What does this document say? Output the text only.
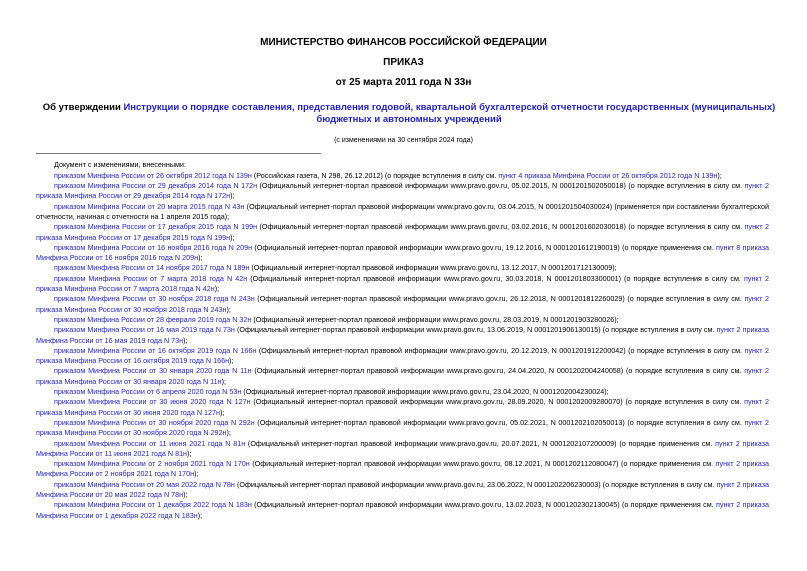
МИНИСТЕРСТВО ФИНАНСОВ РОССИЙСКОЙ ФЕДЕРАЦИИ
ПРИКАЗ
от 25 марта 2011 года N 33н
Об утверждении Инструкции о порядке составления, представления годовой, квартальной бухгалтерской отчетности государственных (муниципальных) бюджетных и автономных учреждений
(с изменениями на 30 сентября 2024 года)

Документ с изменениями, внесенными:

приказом Минфина России от 26 октября 2012 года N 139н (Российская газета, N 298, 26.12.2012) (о порядке вступления в силу см. пункт 4 приказа Минфина России от 26 октября 2012 года N 139н);

приказом Минфина России от 29 декабря 2014 года N 172н (Официальный интернет-портал правовой информации www.pravo.gov.ru, 05.02.2015, N 0001201502050018) (о порядке вступления в силу см. пункт 2 приказа Минфина России от 29 декабря 2014 года N 172н);

приказом Минфина России от 20 марта 2015 года N 43н (Официальный интернет-портал правовой информации www.pravo.gov.ru, 03.04.2015, N 0001201504030024) (применяется при составлении бухгалтерской отчетности, начиная с отчетности на 1 апреля 2015 года);

приказом Минфина России от 17 декабря 2015 года N 199н (Официальный интернет-портал правовой информации www.pravo.gov.ru, 03.02.2016, N 0001201602030018) (о порядке вступления в силу см. пункт 2 приказа Минфина России от 17 декабря 2015 года N 199н);

приказом Минфина России от 16 ноября 2016 года N 209н (Официальный интернет-портал правовой информации www.pravo.gov.ru, 19.12.2016, N 0001201612190019) (о порядке применения см. пункт 8 приказа Минфина России от 16 ноября 2016 года N 209н);

приказом Минфина России от 14 ноября 2017 года N 189н (Официальный интернет-портал правовой информации www.pravo.gov.ru, 13.12.2017, N 0001201712130009);

приказом Минфина России от 7 марта 2018 года N 42н (Официальный интернет-портал правовой информации www.pravo.gov.ru, 30.03.2018, N 0001201803300001) (о порядке вступления в силу см. пункт 2 приказа Минфина России от 7 марта 2018 года N 42н);

приказом Минфина России от 30 ноября 2018 года N 243н (Официальный интернет-портал правовой информации www.pravo.gov.ru, 26.12.2018, N 0001201812260029) (о порядке вступления в силу см. пункт 2 приказа Минфина России от 30 ноября 2018 года N 243н);

приказом Минфина России от 28 февраля 2019 года N 32н (Официальный интернет-портал правовой информации www.pravo.gov.ru, 28.03.2019, N 0001201903280026);

приказом Минфина России от 16 мая 2019 года N 73н (Официальный интернет-портал правовой информации www.pravo.gov.ru, 13.06.2019, N 0001201906130015) (о порядке вступления в силу см. пункт 2 приказа Минфина России от 16 мая 2019 года N 73н);

приказом Минфина России от 16 октября 2019 года N 166н (Официальный интернет-портал правовой информации www.pravo.gov.ru, 20.12.2019, N 0001201912200042) (о порядке вступления в силу см. пункт 2 приказа Минфина России от 16 октября 2019 года N 166н);

приказом Минфина России от 30 января 2020 года N 11н (Официальный интернет-портал правовой информации www.pravo.gov.ru, 24.04.2020, N 0001202004240058) (о порядке вступления в силу см. пункт 2 приказа Минфина России от 30 января 2020 года N 11н);

приказом Минфина России от 6 апреля 2020 года N 53н (Официальный интернет-портал правовой информации www.pravo.gov.ru, 23.04.2020, N 0001202004230024);

приказом Минфина России от 30 июня 2020 года N 127н (Официальный интернет-портал правовой информации www.pravo.gov.ru, 28.09.2020, N 0001202009280070) (о порядке вступления в силу см. пункт 2 приказа Минфина России от 30 июня 2020 года N 127н);

приказом Минфина России от 30 ноября 2020 года N 292н (Официальный интернет-портал правовой информации www.pravo.gov.ru, 05.02.2021, N 0001202102050013) (о порядке вступления в силу см. пункт 2 приказа Минфина России от 30 ноября 2020 года N 292н);

приказом Минфина России от 11 июня 2021 года N 81н (Официальный интернет-портал правовой информации www.pravo.gov.ru, 20.07.2021, N 0001202107200009) (о порядке применения см. пункт 2 приказа Минфина России от 11 июня 2021 года N 81н);

приказом Минфина России от 2 ноября 2021 года N 170н (Официальный интернет-портал правовой информации www.pravo.gov.ru, 08.12.2021, N 0001202112080047) (о порядке применения см. пункт 2 приказа Минфина России от 2 ноября 2021 года N 170н);

приказом Минфина России от 20 мая 2022 года N 78н (Официальный интернет-портал правовой информации www.pravo.gov.ru, 23.06.2022, N 0001202206230003) (о порядке вступления в силу см. пункт 2 приказа Минфина России от 20 мая 2022 года N 78н);

приказом Минфина России от 1 декабря 2022 года N 183н (Официальный интернет-портал правовой информации www.pravo.gov.ru, 13.02.2023, N 0001202302130045) (о порядке применения см. пункт 2 приказа Минфина России от 1 декабря 2022 года N 183н);
